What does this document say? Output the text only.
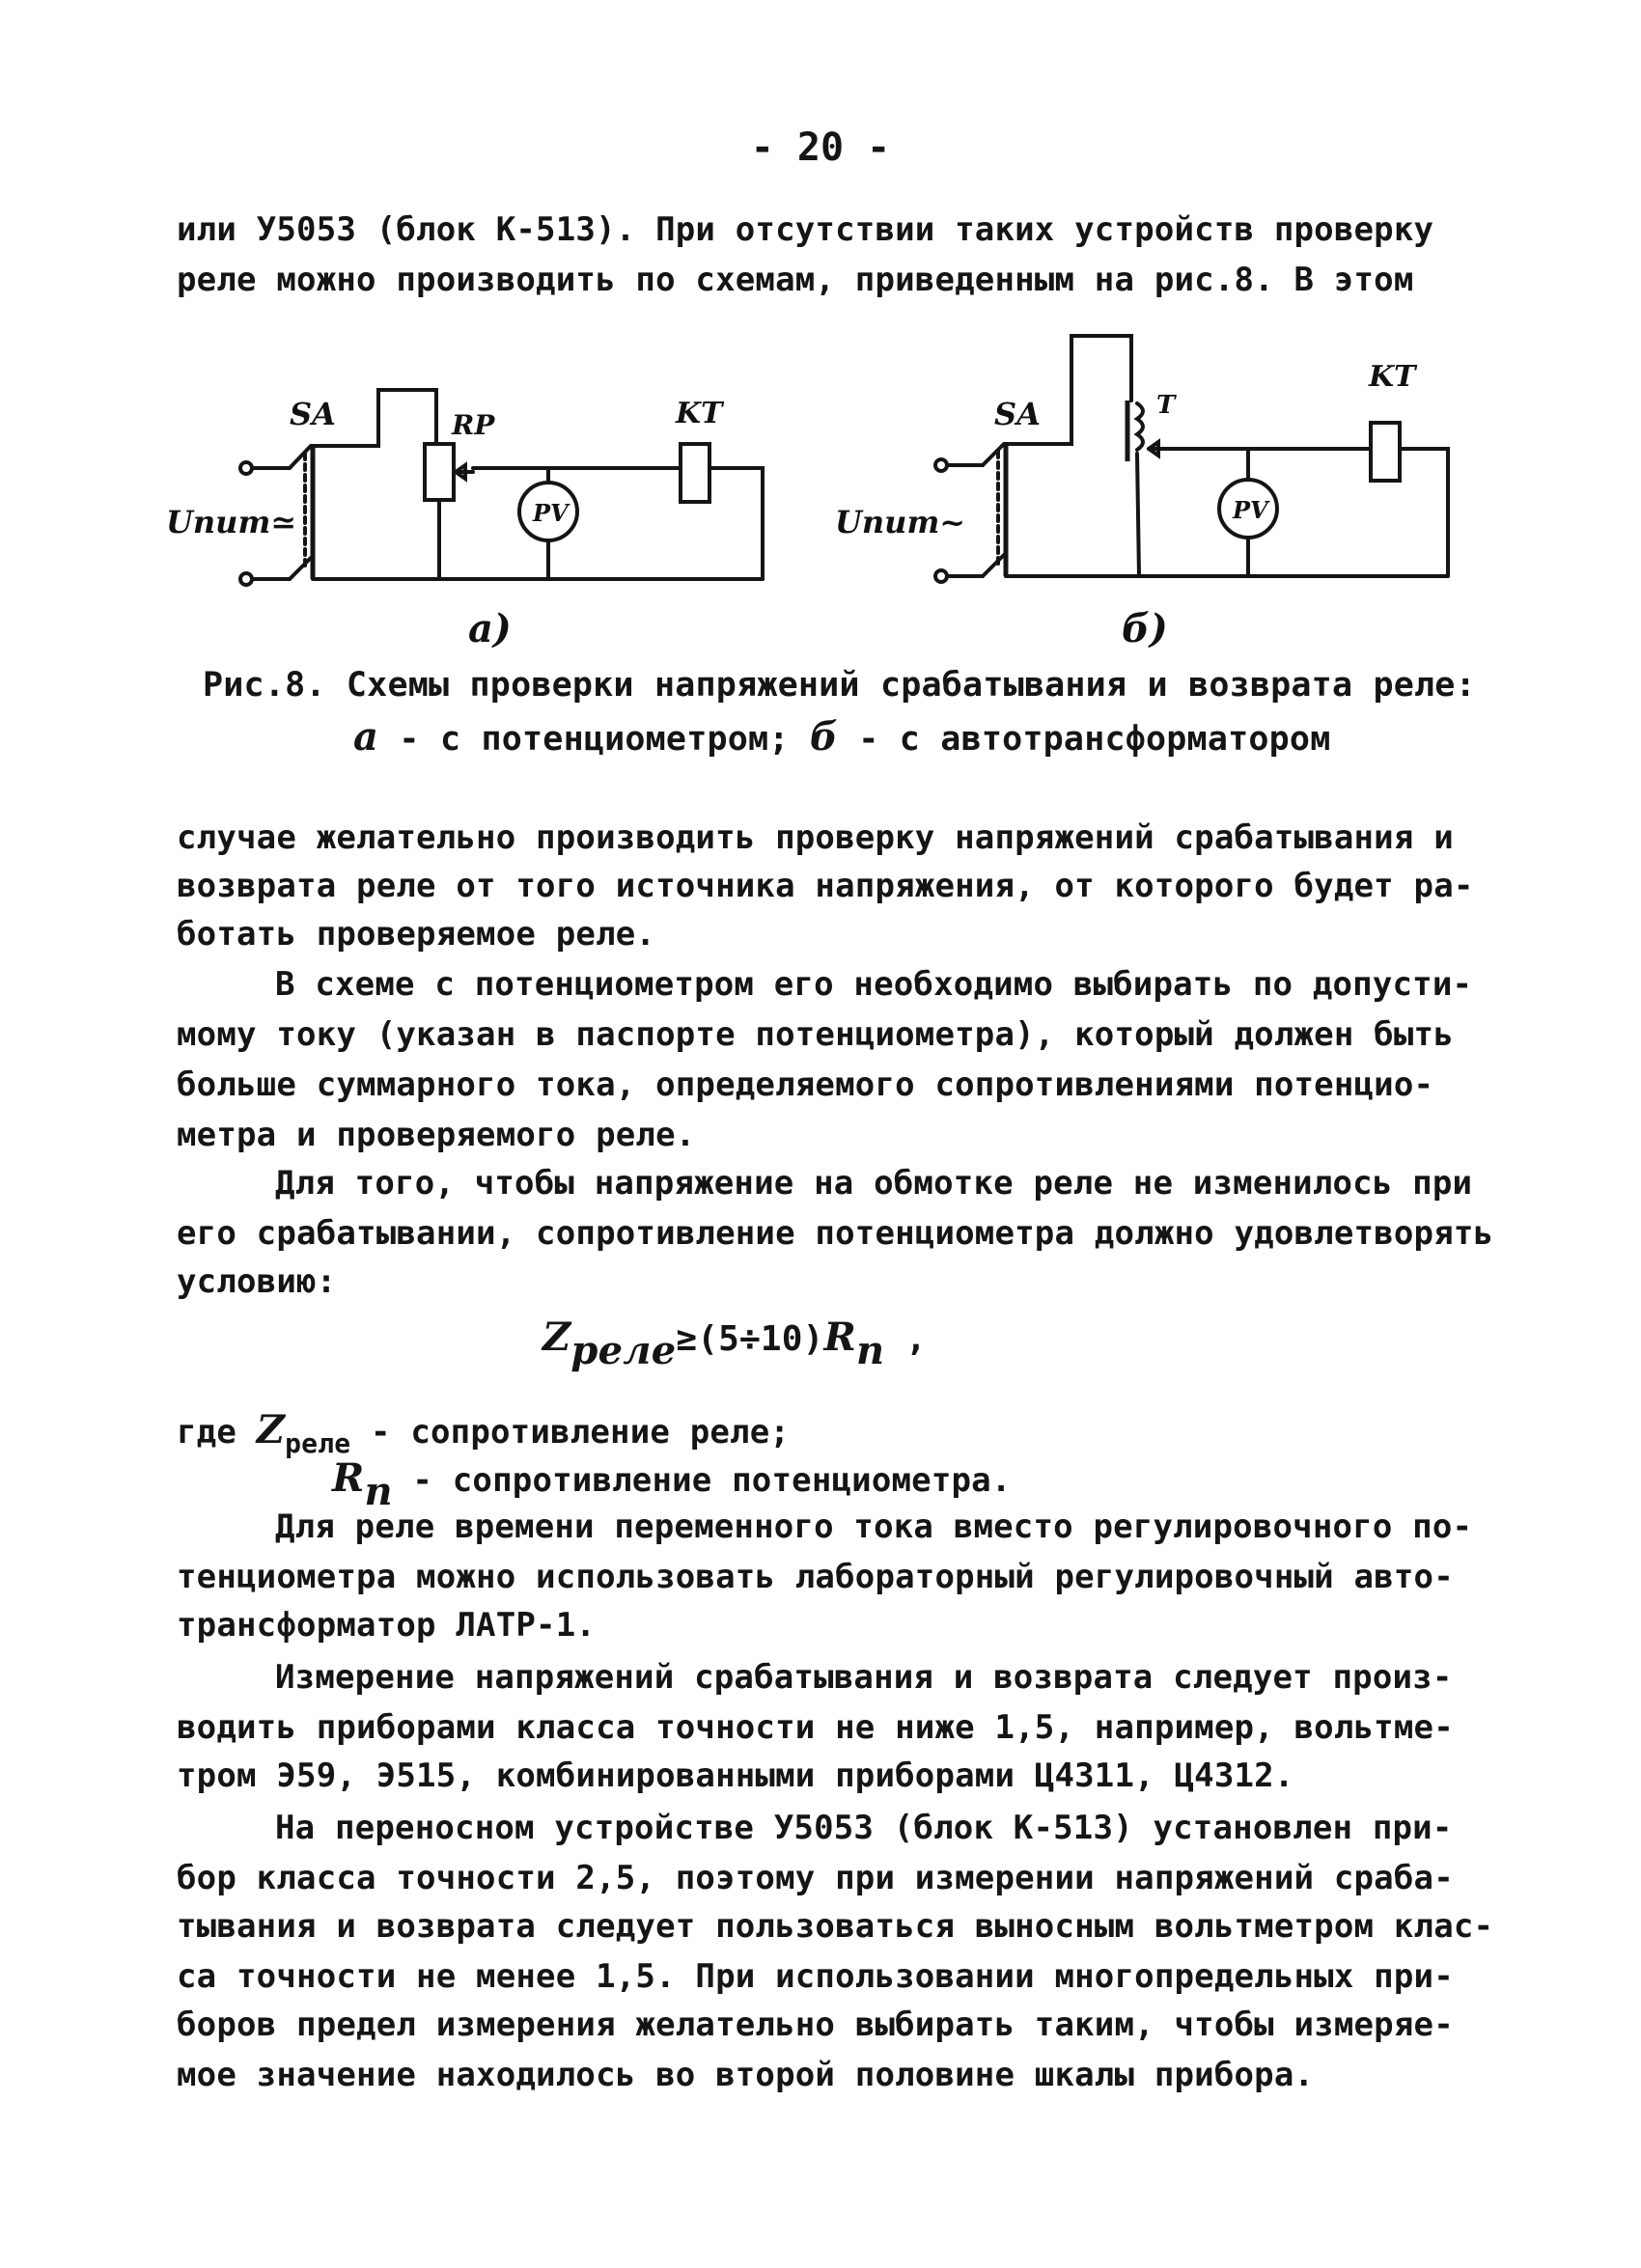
- 20 -
или У5053 (блок К-513). При отсутствии таких устройств проверку
реле можно производить по схемам, приведенным на рис.8. В этом
SA	RP	KT
PV
Uпит≃
а)
SA	T
KT
PV
Uпит~
б)
Рис.8. Схемы проверки напряжений срабатывания и возврата реле:
а - с потенциометром; б - с автотрансформатором
случае желательно производить проверку напряжений срабатывания и
возврата реле от того источника напряжения, от которого будет ра-
ботать проверяемое реле.
В схеме с потенциометром его необходимо выбирать по допусти-
мому току (указан в паспорте потенциометра), который должен быть
больше суммарного тока, определяемого сопротивлениями потенцио-
метра и проверяемого реле.
Для того, чтобы напряжение на обмотке реле не изменилось при
его срабатывании, сопротивление потенциометра должно удовлетворять
условию:
$Z_{реле}\ge(5\div 10)R_п$ ,
где $Z_{реле}$ - сопротивление реле;
$R_п$ - сопротивление потенциометра.
Для реле времени переменного тока вместо регулировочного по-
тенциометра можно использовать лабораторный регулировочный авто-
трансформатор ЛАТР-1.
Измерение напряжений срабатывания и возврата следует произ-
водить приборами класса точности не ниже 1,5, например, вольтме-
тром Э59, Э515, комбинированными приборами Ц4311, Ц4312.
На переносном устройстве У5053 (блок К-513) установлен при-
бор класса точности 2,5, поэтому при измерении напряжений сраба-
тывания и возврата следует пользоваться выносным вольтметром клас-
са точности не менее 1,5. При использовании многопредельных при-
боров предел измерения желательно выбирать таким, чтобы измеряе-
мое значение находилось во второй половине шкалы прибора.
